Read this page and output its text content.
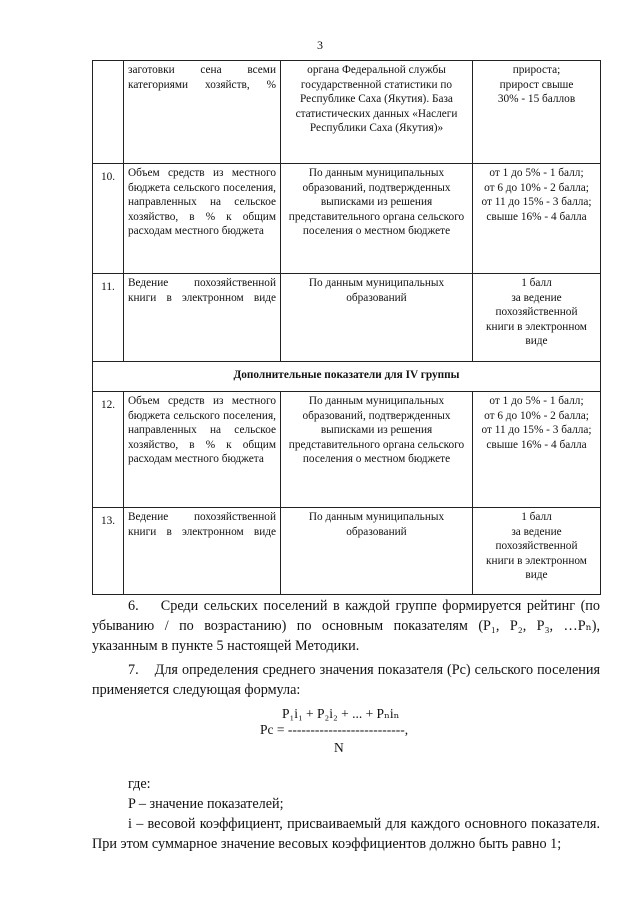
3
	заготовки сена всеми категориями хозяйств, %	органа Федеральной службы государственной статистики по Республике Саха (Якутия). База статистических данных «Наслеги Республики Саха (Якутия)»	прироста;
прирост свыше
30% - 15 баллов

10.	Объем средств из местного бюджета сельского поселения, направленных на сельское хозяйство, в % к общим расходам местного бюджета	По данным муниципальных образований, подтвержденных выписками из решения представительного органа сельского поселения о местном бюджете	от 1 до 5% - 1 балл;
от 6 до 10% - 2 балла;
от 11 до 15% - 3 балла;
свыше 16% - 4 балла

11.	Ведение похозяйственной книги в электронном виде	По данным муниципальных образований	1 балл
за ведение
похозяйственной
книги в электронном
виде

Дополнительные показатели для IV группы			
12.	Объем средств из местного бюджета сельского поселения, направленных на сельское хозяйство, в % к общим расходам местного бюджета	По данным муниципальных образований, подтвержденных выписками из решения представительного органа сельского поселения о местном бюджете	от 1 до 5% - 1 балл;
от 6 до 10% - 2 балла;
от 11 до 15% - 3 балла;
свыше 16% - 4 балла

13.	Ведение похозяйственной книги в электронном виде	По данным муниципальных образований	1 балл
за ведение
похозяйственной
книги в электронном
виде

6.    Среди сельских поселений в каждой группе формируется рейтинг (по убыванию / по возрастанию) по основным показателям (P₁, P₂, P₃, …Pₙ), указанным в пункте 5 настоящей Методики.

7.    Для определения среднего значения показателя (Pс) сельского поселения применяется следующая формула:

P₁i₁ + P₂i₂ + ... + Pₙiₙ
Pс = --------------------------,
N

где:

P – значение показателей;

i – весовой коэффициент, присваиваемый для каждого основного показателя. При этом суммарное значение весовых коэффициентов должно быть равно 1;
